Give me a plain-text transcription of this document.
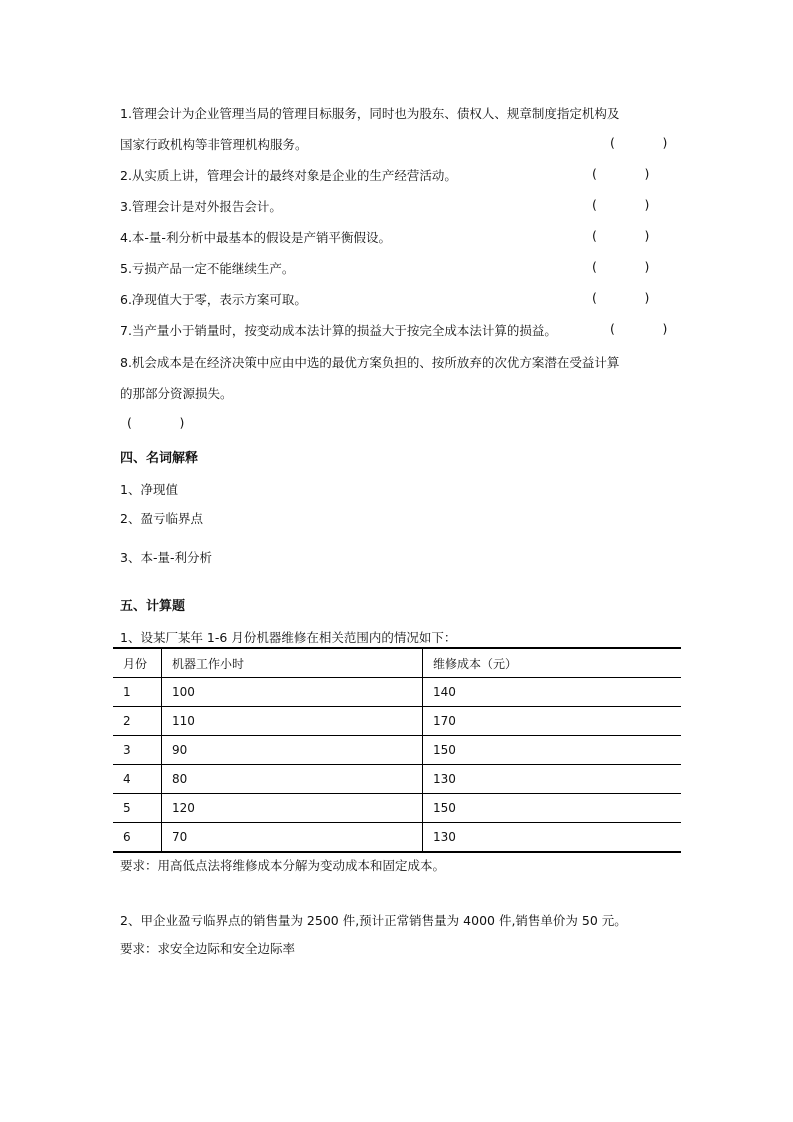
1.管理会计为企业管理当局的管理目标服务，同时也为股东、债权人、规章制度指定机构及
国家行政机构等非管理机构服务。	(            )
2.从实质上讲，管理会计的最终对象是企业的生产经营活动。	(            )
3.管理会计是对外报告会计。	(            )
4.本-量-利分析中最基本的假设是产销平衡假设。	(            )
5.亏损产品一定不能继续生产。	(            )
6.净现值大于零，表示方案可取。	(            )
7.当产量小于销量时，按变动成本法计算的损益大于按完全成本法计算的损益。	(            )
8.机会成本是在经济决策中应由中选的最优方案负担的、按所放弃的次优方案潜在受益计算
的那部分资源损失。
(            )
四、名词解释
1、净现值
2、盈亏临界点
3、本-量-利分析
五、计算题
1、设某厂某年 1-6 月份机器维修在相关范围内的情况如下：
月份	机器工作小时	维修成本（元）
1	100	140
2	110	170
3	90	150
4	80	130
5	120	150
6	70	130
要求：用高低点法将维修成本分解为变动成本和固定成本。
2、甲企业盈亏临界点的销售量为 2500 件,预计正常销售量为 4000 件,销售单价为 50 元。
要求：求安全边际和安全边际率
